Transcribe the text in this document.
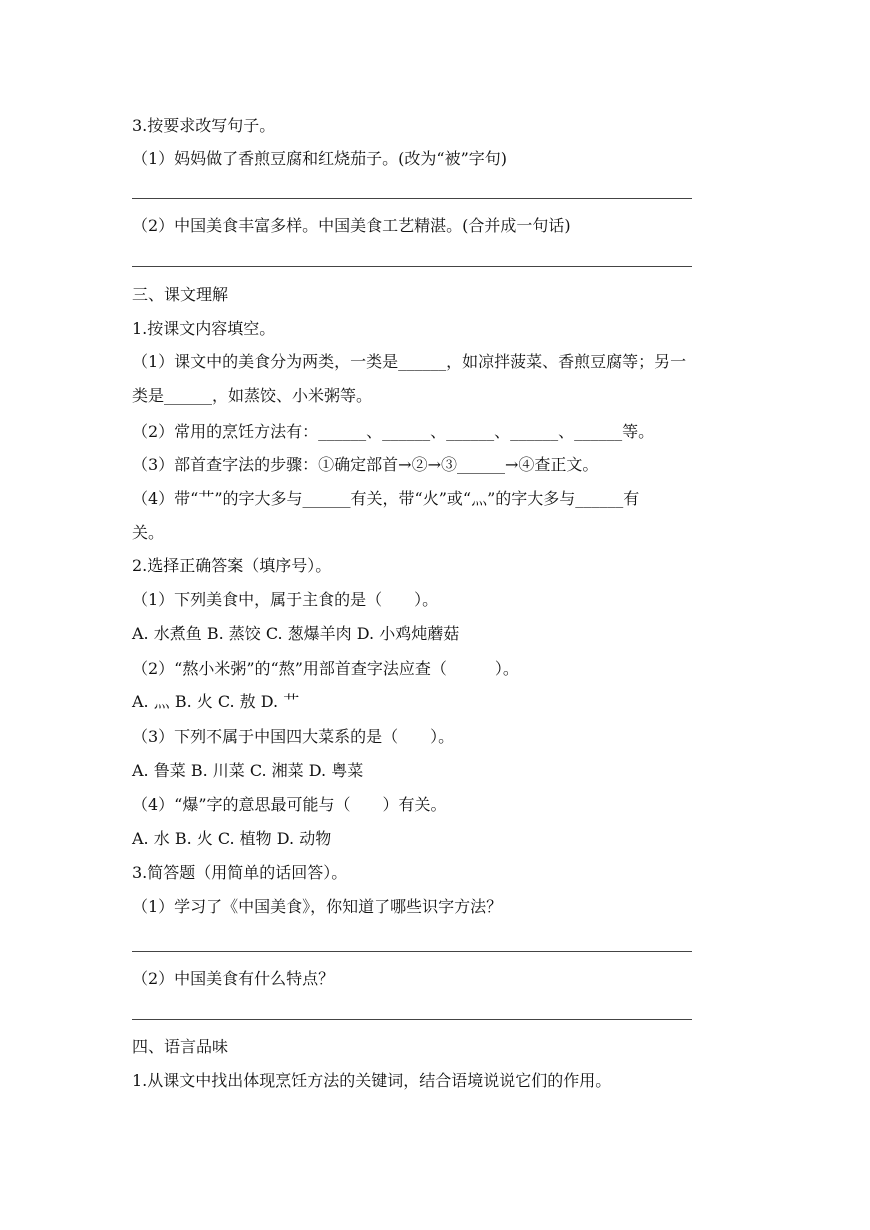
3.按要求改写句子。
（1）妈妈做了香煎豆腐和红烧茄子。(改为“被”字句)
（2）中国美食丰富多样。中国美食工艺精湛。(合并成一句话)
三、课文理解
1.按课文内容填空。
（1）课文中的美食分为两类，一类是______，如凉拌菠菜、香煎豆腐等；另一
类是______，如蒸饺、小米粥等。
（2）常用的烹饪方法有：______、______、______、______、______等。
（3）部首查字法的步骤：①确定部首→②→③______→④查正文。
（4）带“艹”的字大多与______有关，带“火”或“灬”的字大多与______有
关。
2.选择正确答案（填序号）。
（1）下列美食中，属于主食的是（　　）。
A. 水煮鱼 B. 蒸饺 C. 葱爆羊肉 D. 小鸡炖蘑菇
（2）“熬小米粥”的“熬”用部首查字法应查（　　　）。
A. 灬 B. 火 C. 敖 D. 艹
（3）下列不属于中国四大菜系的是（　　）。
A. 鲁菜 B. 川菜 C. 湘菜 D. 粤菜
（4）“爆”字的意思最可能与（　　）有关。
A. 水 B. 火 C. 植物 D. 动物
3.简答题（用简单的话回答）。
（1）学习了《中国美食》，你知道了哪些识字方法？
（2）中国美食有什么特点？
四、语言品味
1.从课文中找出体现烹饪方法的关键词，结合语境说说它们的作用。
